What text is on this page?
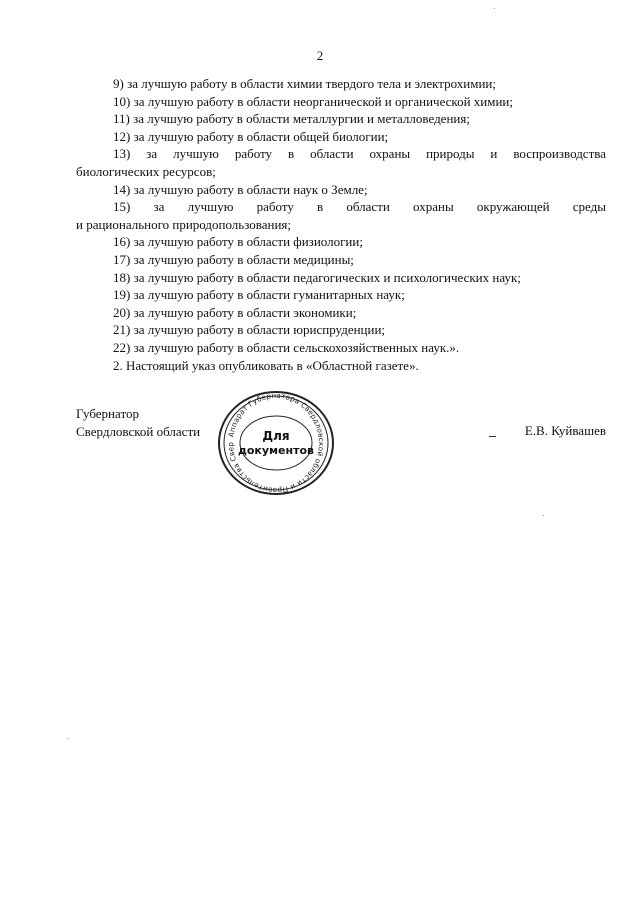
2
9) за лучшую работу в области химии твердого тела и электрохимии;
10) за лучшую работу в области неорганической и органической химии;
11) за лучшую работу в области металлургии и металловедения;
12) за лучшую работу в области общей биологии;
13) за лучшую работу в области охраны природы и воспроизводства
биологических ресурсов;
14) за лучшую работу в области наук о Земле;
15) за лучшую работу в области охраны окружающей среды
и рационального природопользования;
16) за лучшую работу в области физиологии;
17) за лучшую работу в области медицины;
18) за лучшую работу в области педагогических и психологических наук;
19) за лучшую работу в области гуманитарных наук;
20) за лучшую работу в области экономики;
21) за лучшую работу в области юриспруденции;
22) за лучшую работу в области сельскохозяйственных наук.».
2. Настоящий указ опубликовать в «Областной газете».
Губернатор
Свердловской области	Аппарат Губернатора Свердловской области и Правительства Свер
Для
документов
Е.В. Куйвашев
